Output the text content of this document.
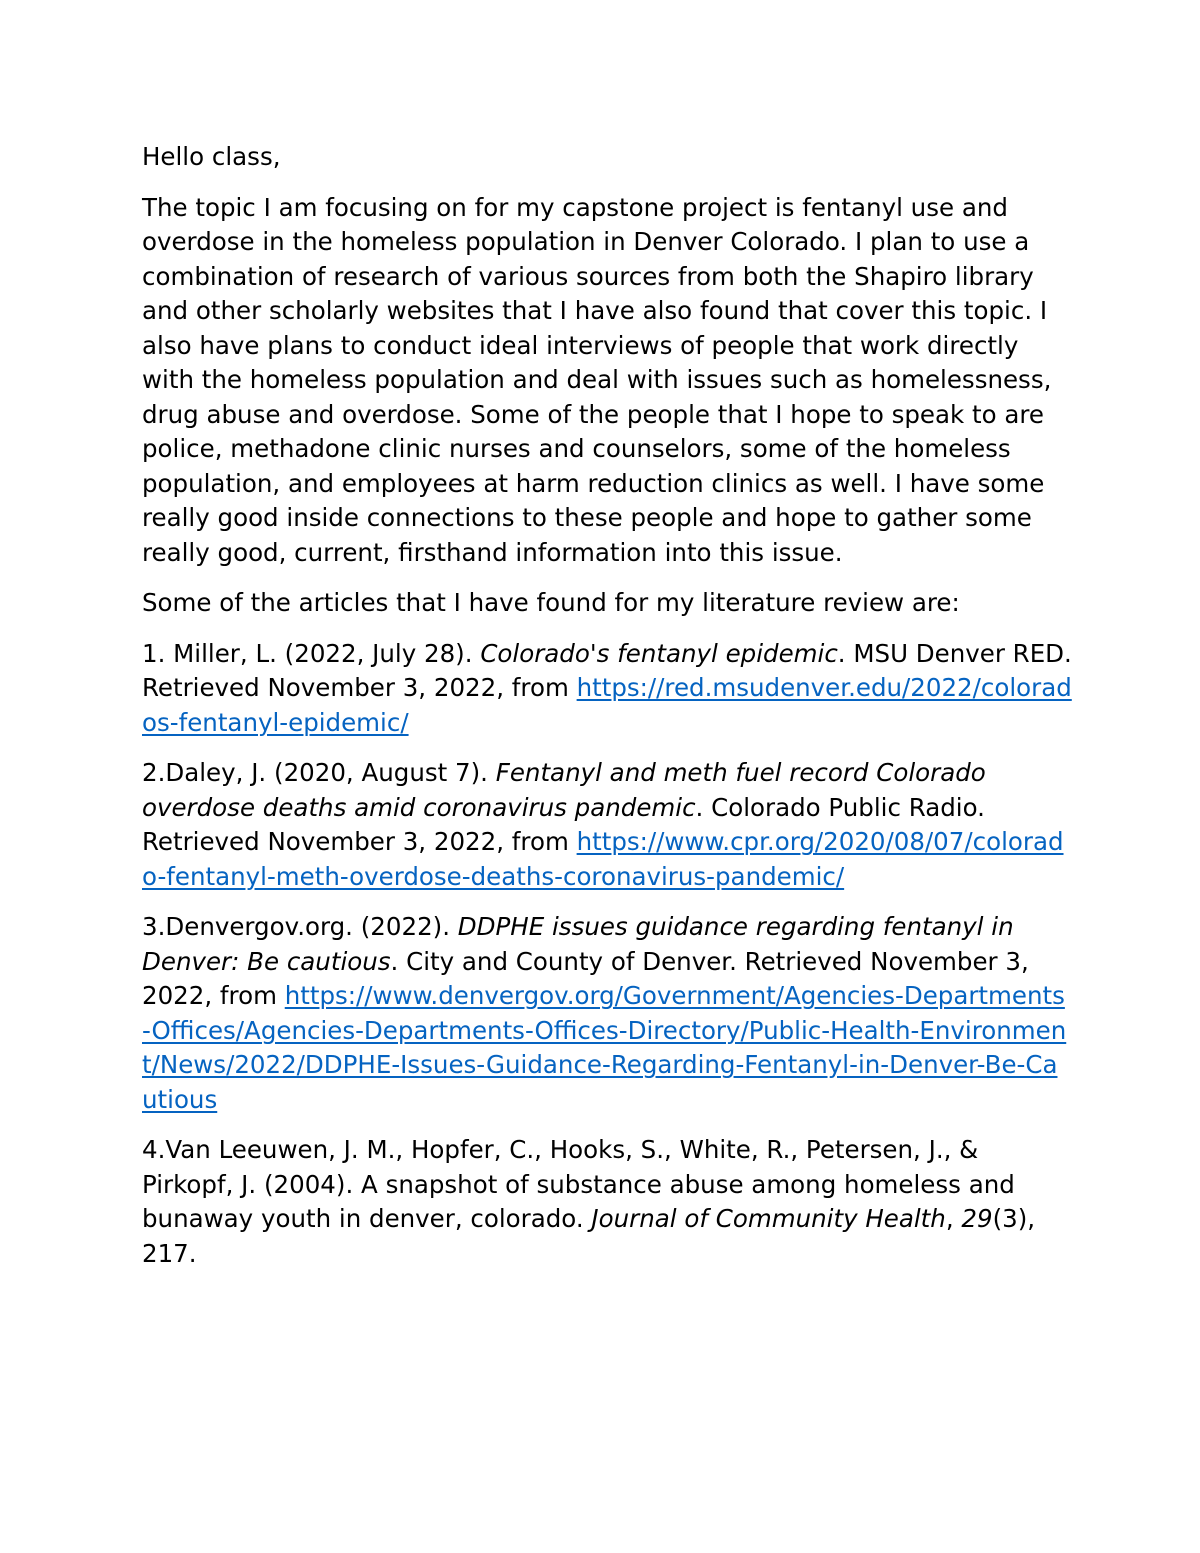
Hello class,

The topic I am focusing on for my capstone project is fentanyl use and overdose in the homeless population in Denver Colorado. I plan to use a combination of research of various sources from both the Shapiro library and other scholarly websites that I have also found that cover this topic. I also have plans to conduct ideal interviews of people that work directly with the homeless population and deal with issues such as homelessness, drug abuse and overdose. Some of the people that I hope to speak to are police, methadone clinic nurses and counselors, some of the homeless population, and employees at harm reduction clinics as well. I have some really good inside connections to these people and hope to gather some really good, current, firsthand information into this issue.

Some of the articles that I have found for my literature review are:

1. Miller, L. (2022, July 28). Colorado's fentanyl epidemic. MSU Denver RED. Retrieved November 3, 2022, from https://red.msudenver.edu/2022/colorados-fentanyl-epidemic/
2.Daley, J. (2020, August 7). Fentanyl and meth fuel record Colorado overdose deaths amid coronavirus pandemic. Colorado Public Radio. Retrieved November 3, 2022, from https://www.cpr.org/2020/08/07/colorado-fentanyl-meth-overdose-deaths-coronavirus-pandemic/
3.Denvergov.org. (2022). DDPHE issues guidance regarding fentanyl in Denver: Be cautious. City and County of Denver. Retrieved November 3, 2022, from https://www.denvergov.org/Government/Agencies-Departments-Offices/Agencies-Departments-Offices-Directory/Public-Health-Environment/News/2022/DDPHE-Issues-Guidance-Regarding-Fentanyl-in-Denver-Be-Cautious
4.Van Leeuwen, J. M., Hopfer, C., Hooks, S., White, R., Petersen, J., & Pirkopf, J. (2004). A snapshot of substance abuse among homeless and bunaway youth in denver, colorado. Journal of Community Health, 29(3), 217.
